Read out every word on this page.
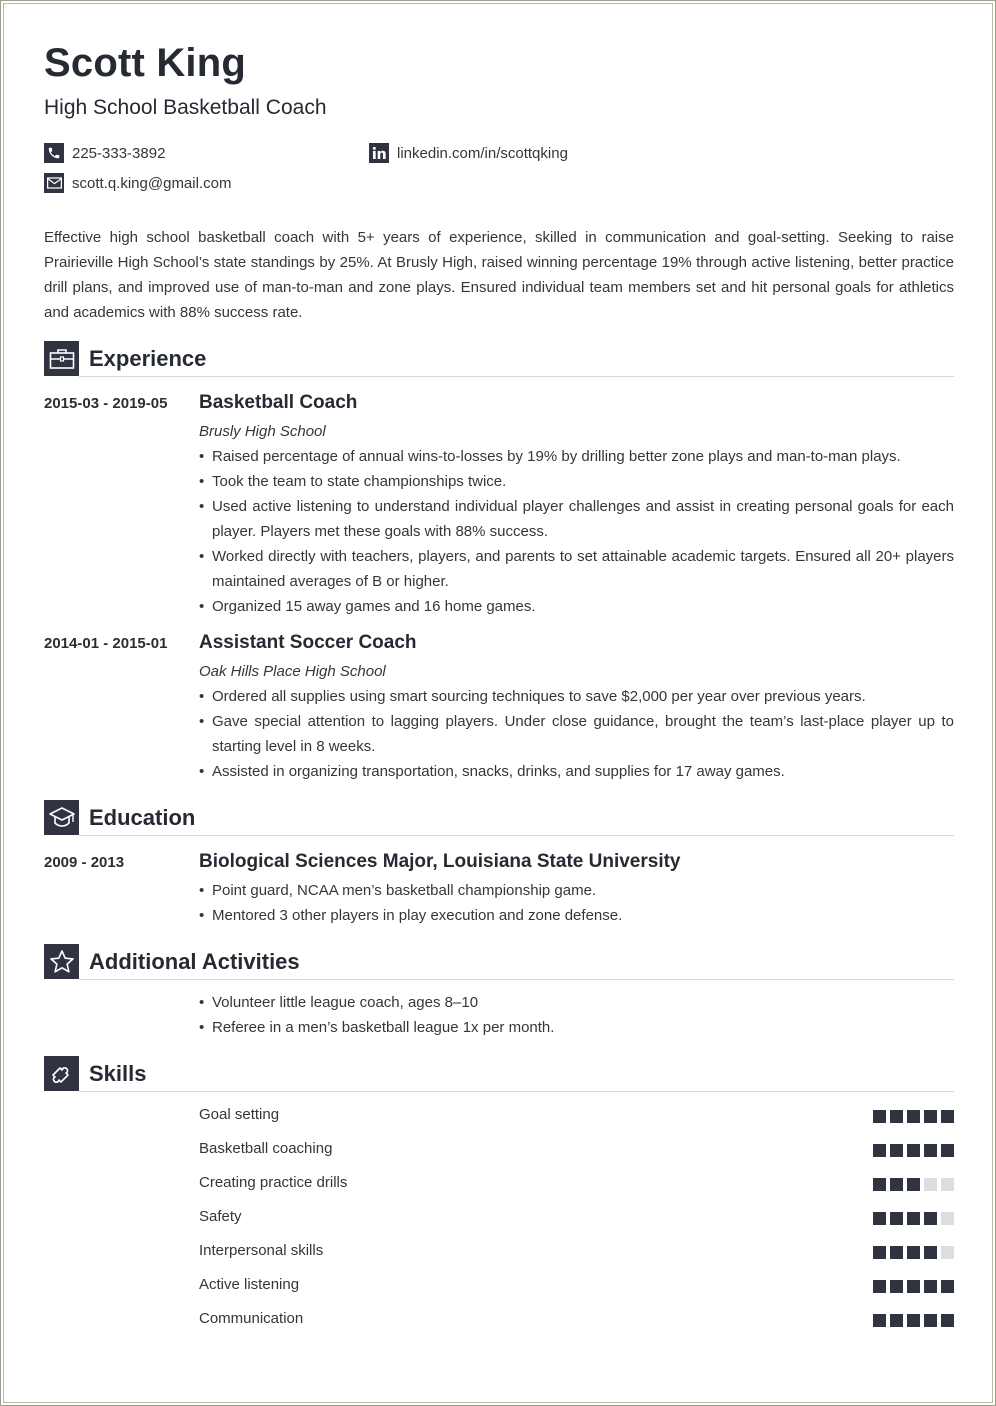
Scott King
High School Basketball Coach
225-333-3892	linkedin.com/in/scottqking
scott.q.king@gmail.com
Effective high school basketball coach with 5+ years of experience, skilled in communication and goal-setting. Seeking to raise Prairieville High School’s state standings by 25%. At Brusly High, raised winning percentage 19% through active listening, better practice drill plans, and improved use of man-to-man and zone plays. Ensured individual team members set and hit personal goals for athletics and academics with 88% success rate.
Experience
2015-03 - 2019-05 Basketball Coach
Brusly High School
• Raised percentage of annual wins-to-losses by 19% by drilling better zone plays and man-to-man plays.
• Took the team to state championships twice.
• Used active listening to understand individual player challenges and assist in creating personal goals for each player. Players met these goals with 88% success.
• Worked directly with teachers, players, and parents to set attainable academic targets. Ensured all 20+ players maintained averages of B or higher.
• Organized 15 away games and 16 home games.
2014-01 - 2015-01 Assistant Soccer Coach
Oak Hills Place High School
• Ordered all supplies using smart sourcing techniques to save $2,000 per year over previous years.
• Gave special attention to lagging players. Under close guidance, brought the team’s last-place player up to starting level in 8 weeks.
• Assisted in organizing transportation, snacks, drinks, and supplies for 17 away games.
Education
2009 - 2013	Biological Sciences Major, Louisiana State University
• Point guard, NCAA men’s basketball championship game.
• Mentored 3 other players in play execution and zone defense.
Additional Activities
• Volunteer little league coach, ages 8–10
• Referee in a men’s basketball league 1x per month.
Skills
Goal setting
Basketball coaching
Creating practice drills
Safety
Interpersonal skills
Active listening
Communication
